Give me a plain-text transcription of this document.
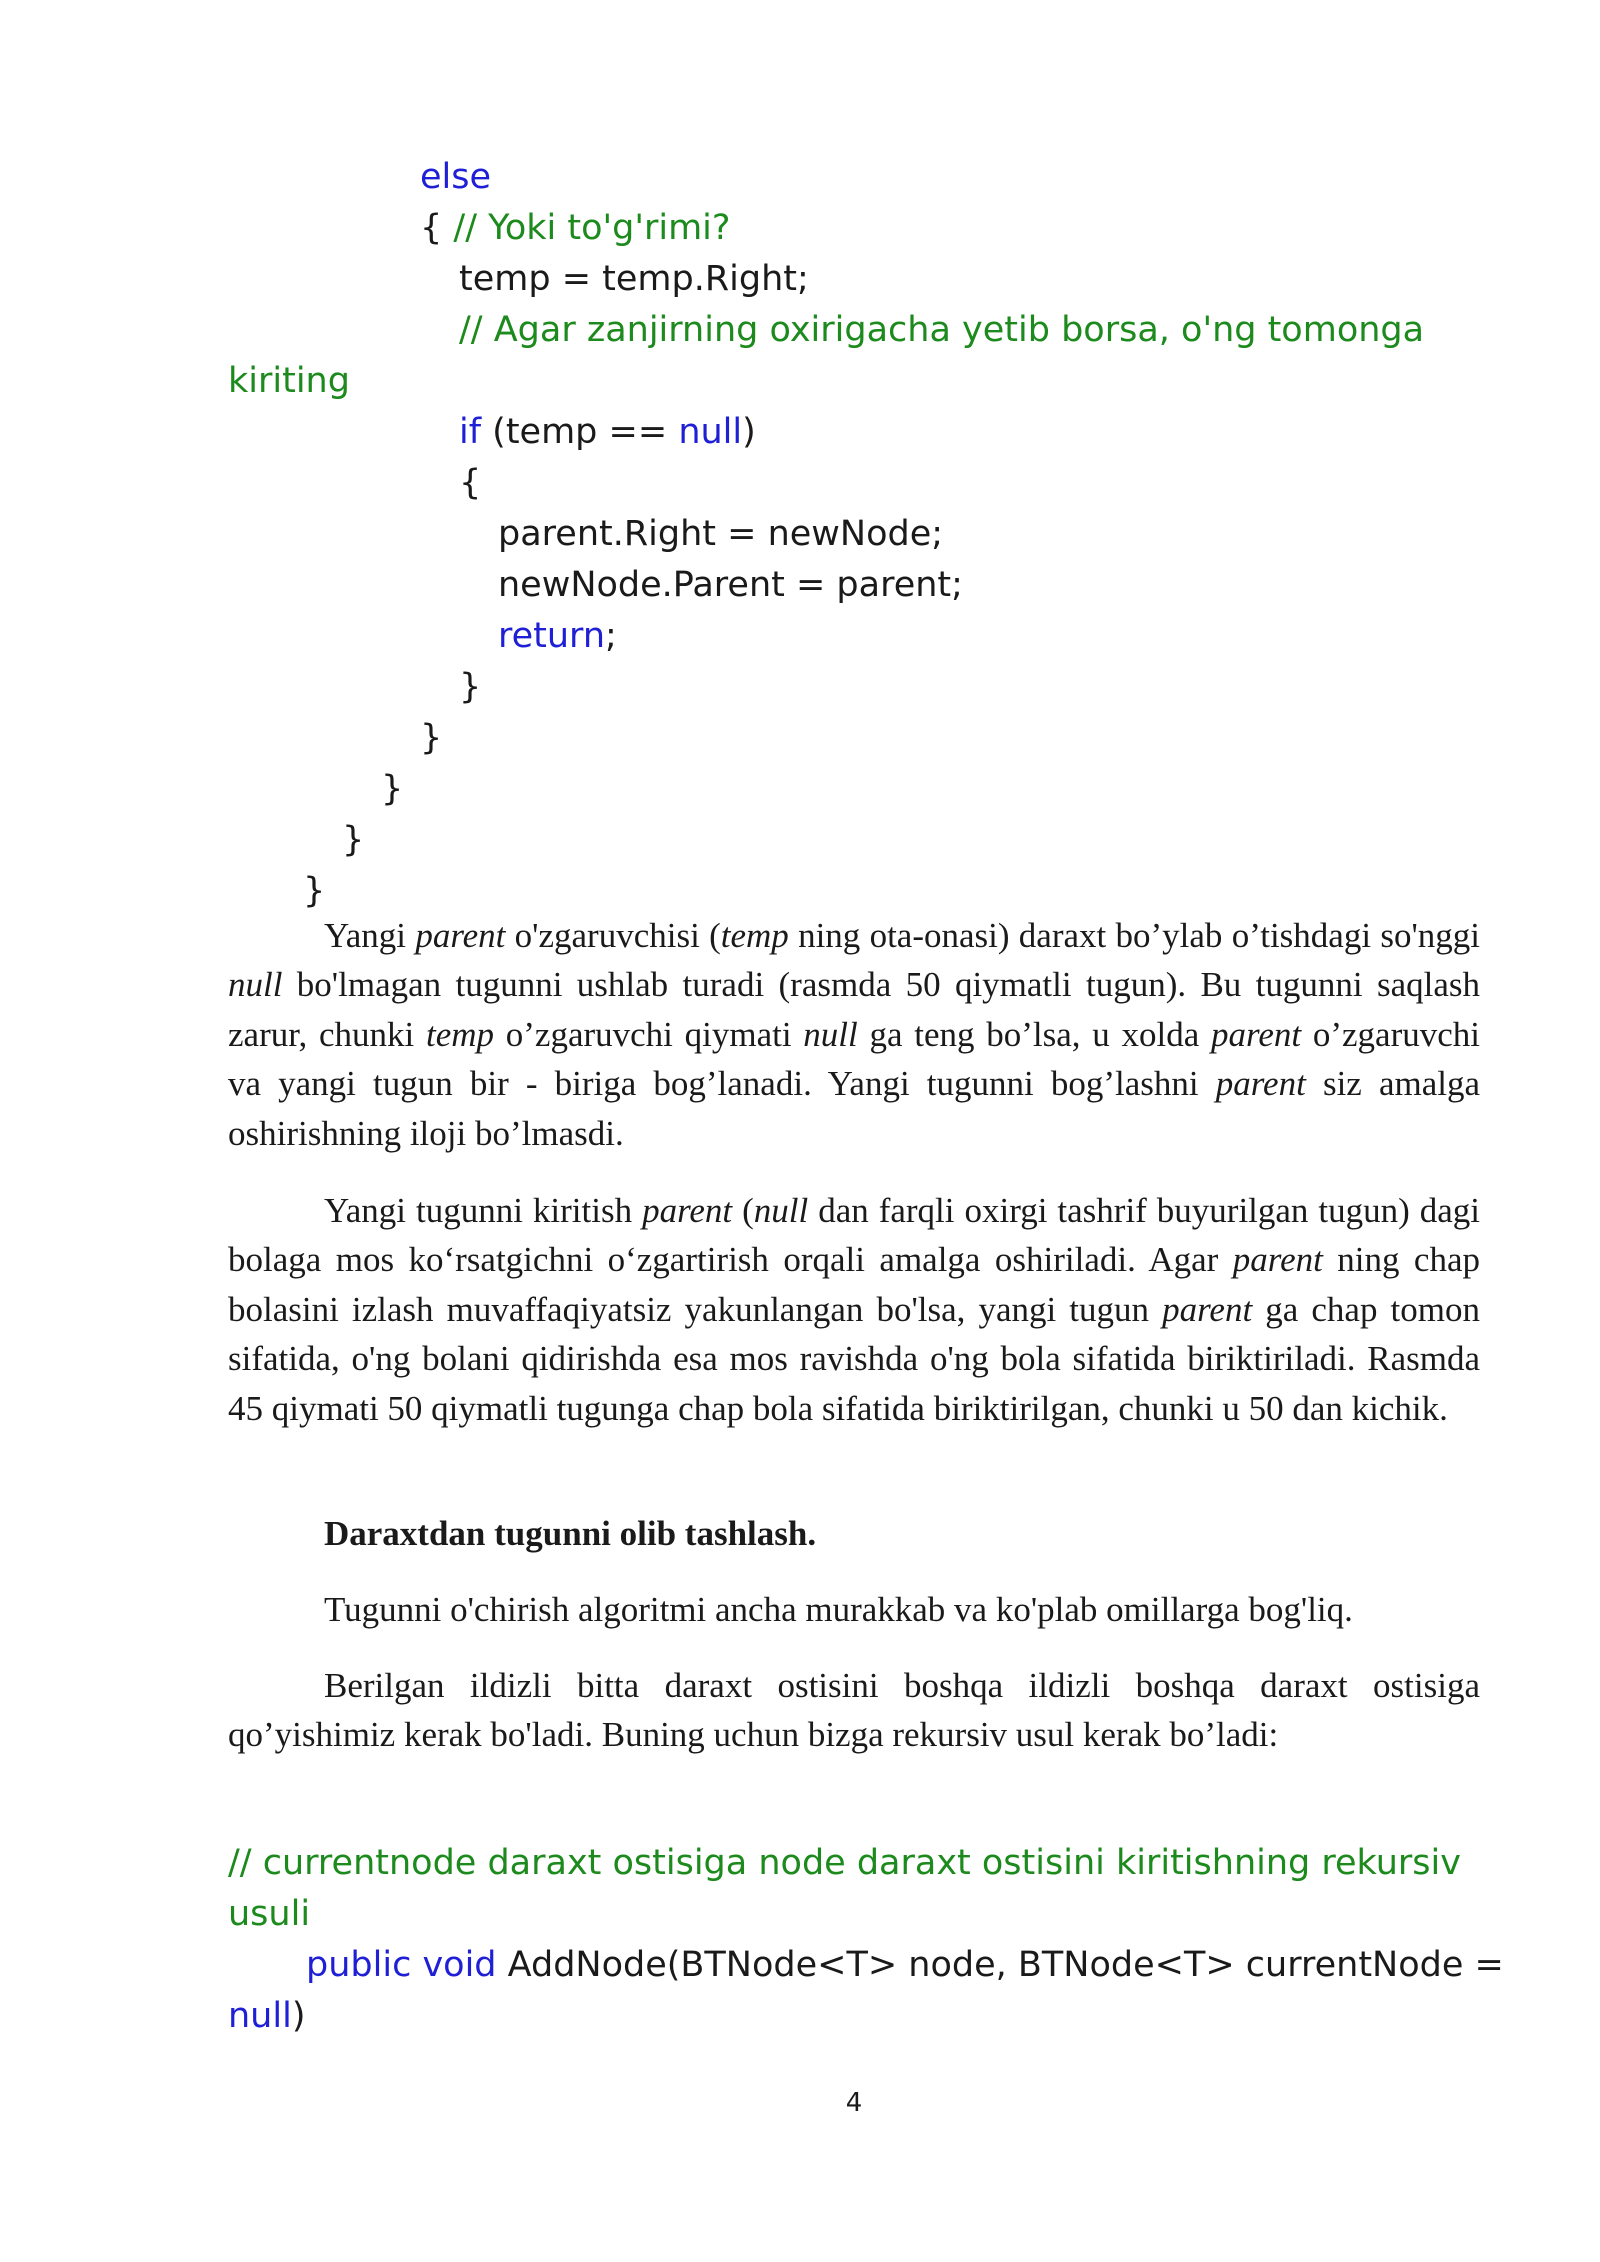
else
{ // Yoki to'g'rimi?
temp = temp.Right;
// Agar zanjirning oxirigacha yetib borsa, o'ng tomonga
kiriting
if (temp == null)
{
parent.Right = newNode;
newNode.Parent = parent;
return;
}
}
}
}
}

Yangi parent o'zgaruvchisi (temp ning ota-onasi) daraxt bo’ylab o’tishdagi so'nggi null bo'lmagan tugunni ushlab turadi (rasmda 50 qiymatli tugun). Bu tugunni saqlash zarur, chunki temp o’zgaruvchi qiymati null ga teng bo’lsa, u xolda parent o’zgaruvchi va yangi tugun bir - biriga bog’lanadi. Yangi tugunni bog’lashni parent siz amalga oshirishning iloji bo’lmasdi.

Yangi tugunni kiritish parent (null dan farqli oxirgi tashrif buyurilgan tugun) dagi bolaga mos ko‘rsatgichni o‘zgartirish orqali amalga oshiriladi. Agar parent ning chap bolasini izlash muvaffaqiyatsiz yakunlangan bo'lsa, yangi tugun parent ga chap tomon sifatida, o'ng bolani qidirishda esa mos ravishda o'ng bola sifatida biriktiriladi. Rasmda 45 qiymati 50 qiymatli tugunga chap bola sifatida biriktirilgan, chunki u 50 dan kichik.

Daraxtdan tugunni olib tashlash.
Tugunni o'chirish algoritmi ancha murakkab va ko'plab omillarga bog'liq.

Berilgan ildizli bitta daraxt ostisini boshqa ildizli boshqa daraxt ostisiga qo’yishimiz kerak bo'ladi. Buning uchun bizga rekursiv usul kerak bo’ladi:

// currentnode daraxt ostisiga node daraxt ostisini kiritishning rekursiv
usuli
public void AddNode(BTNode<T> node, BTNode<T> currentNode =
null)
4
